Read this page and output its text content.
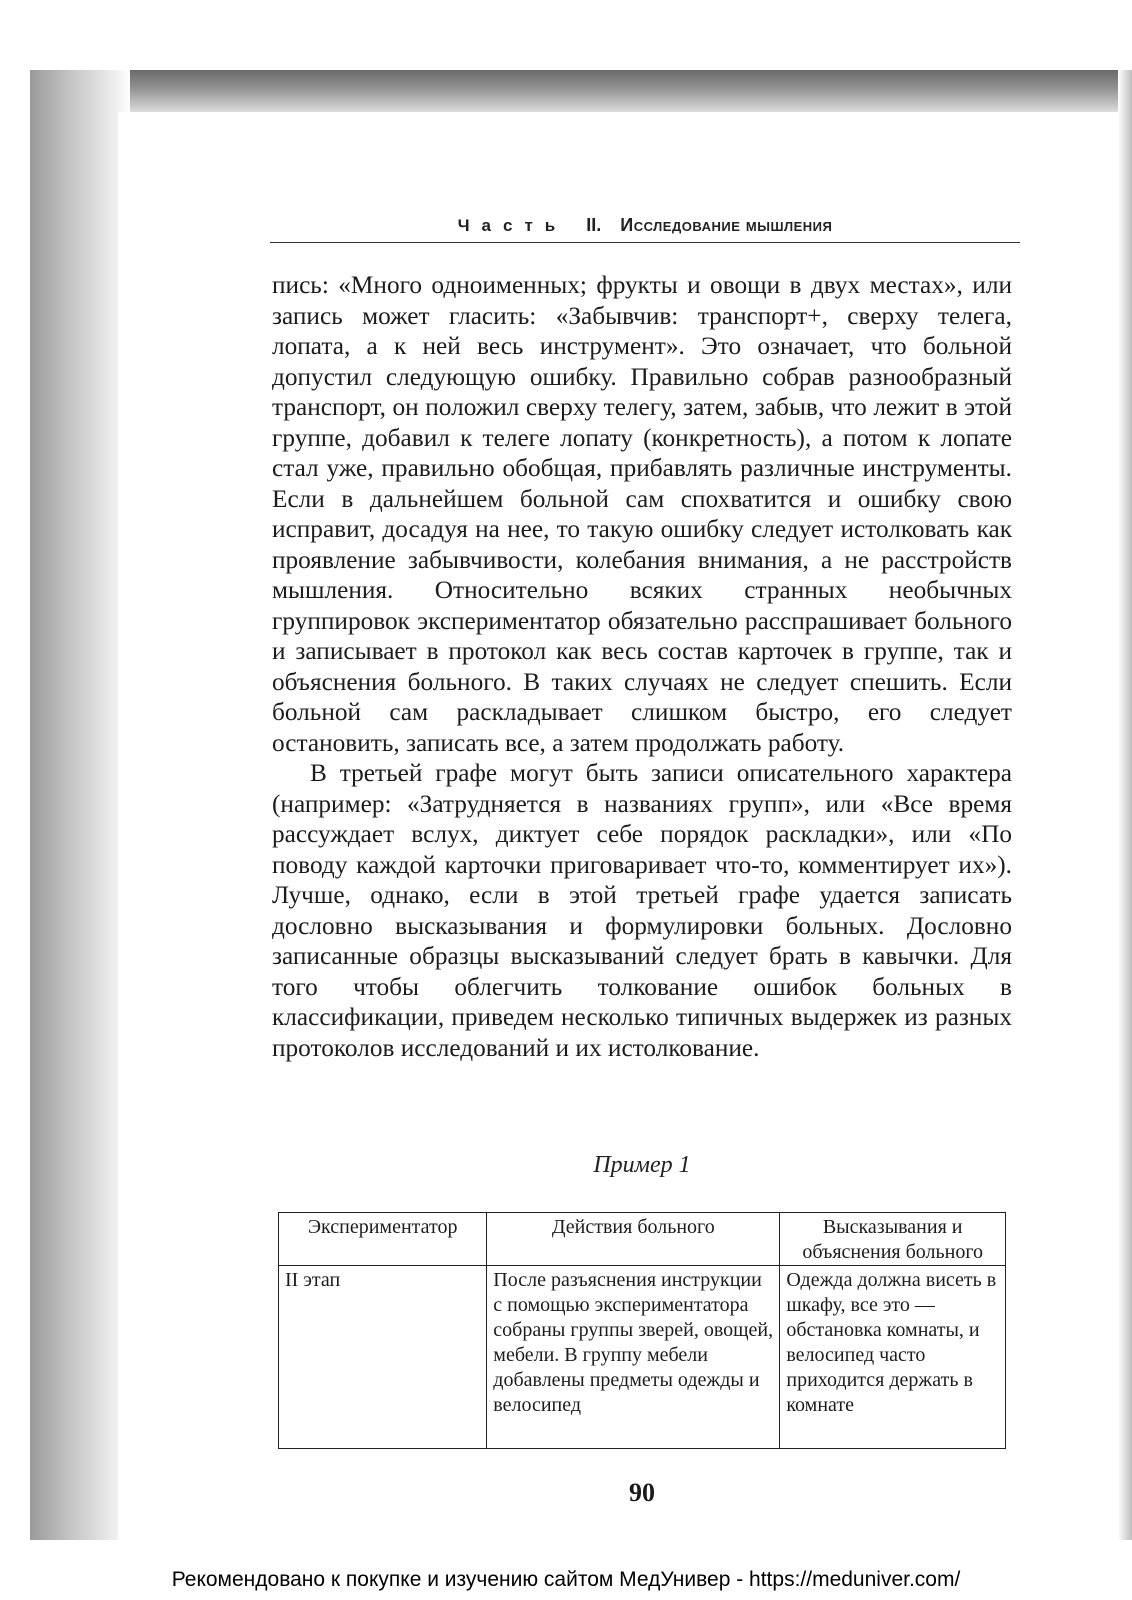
Часть II. Исследование мышления

пись: «Много одноименных; фрукты и овощи в двух местах», или запись может гласить: «Забывчив: транспорт+, сверху телега, лопата, а к ней весь инструмент». Это означает, что больной допустил следующую ошибку. Правильно собрав разнообразный транспорт, он положил сверху телегу, затем, забыв, что лежит в этой группе, добавил к телеге лопату (конкретность), а потом к лопате стал уже, правильно обобщая, прибавлять различные инструменты. Если в дальнейшем больной сам спохватится и ошибку свою исправит, досадуя на нее, то такую ошибку следует истолковать как проявление забывчивости, колебания внимания, а не расстройств мышления. Относительно всяких странных необычных группировок экспериментатор обязательно расспрашивает больного и записывает в протокол как весь состав карточек в группе, так и объяснения больного. В таких случаях не следует спешить. Если больной сам раскладывает слишком быстро, его следует остановить, записать все, а затем продолжать работу.

В третьей графе могут быть записи описательного характера (например: «Затрудняется в названиях групп», или «Все время рассуждает вслух, диктует себе порядок раскладки», или «По поводу каждой карточки приговаривает что-то, комментирует их»). Лучше, однако, если в этой третьей графе удается записать дословно высказывания и формулировки больных. Дословно записанные образцы высказываний следует брать в кавычки. Для того чтобы облегчить толкование ошибок больных в классификации, приведем несколько типичных выдержек из разных протоколов исследований и их истолкование.

Пример 1
Экспериментатор	Действия больного	Высказывания и объяснения больного
II этап	После разъяснения инструкции с помощью экспериментатора собраны группы зверей, овощей, мебели. В группу мебели добавлены предметы одежды и велосипед	Одежда должна висеть в шкафу, все это — обстановка комнаты, и велосипед часто приходится держать в комнате
90
Рекомендовано к покупке и изучению сайтом МедУнивер - https://meduniver.com/
